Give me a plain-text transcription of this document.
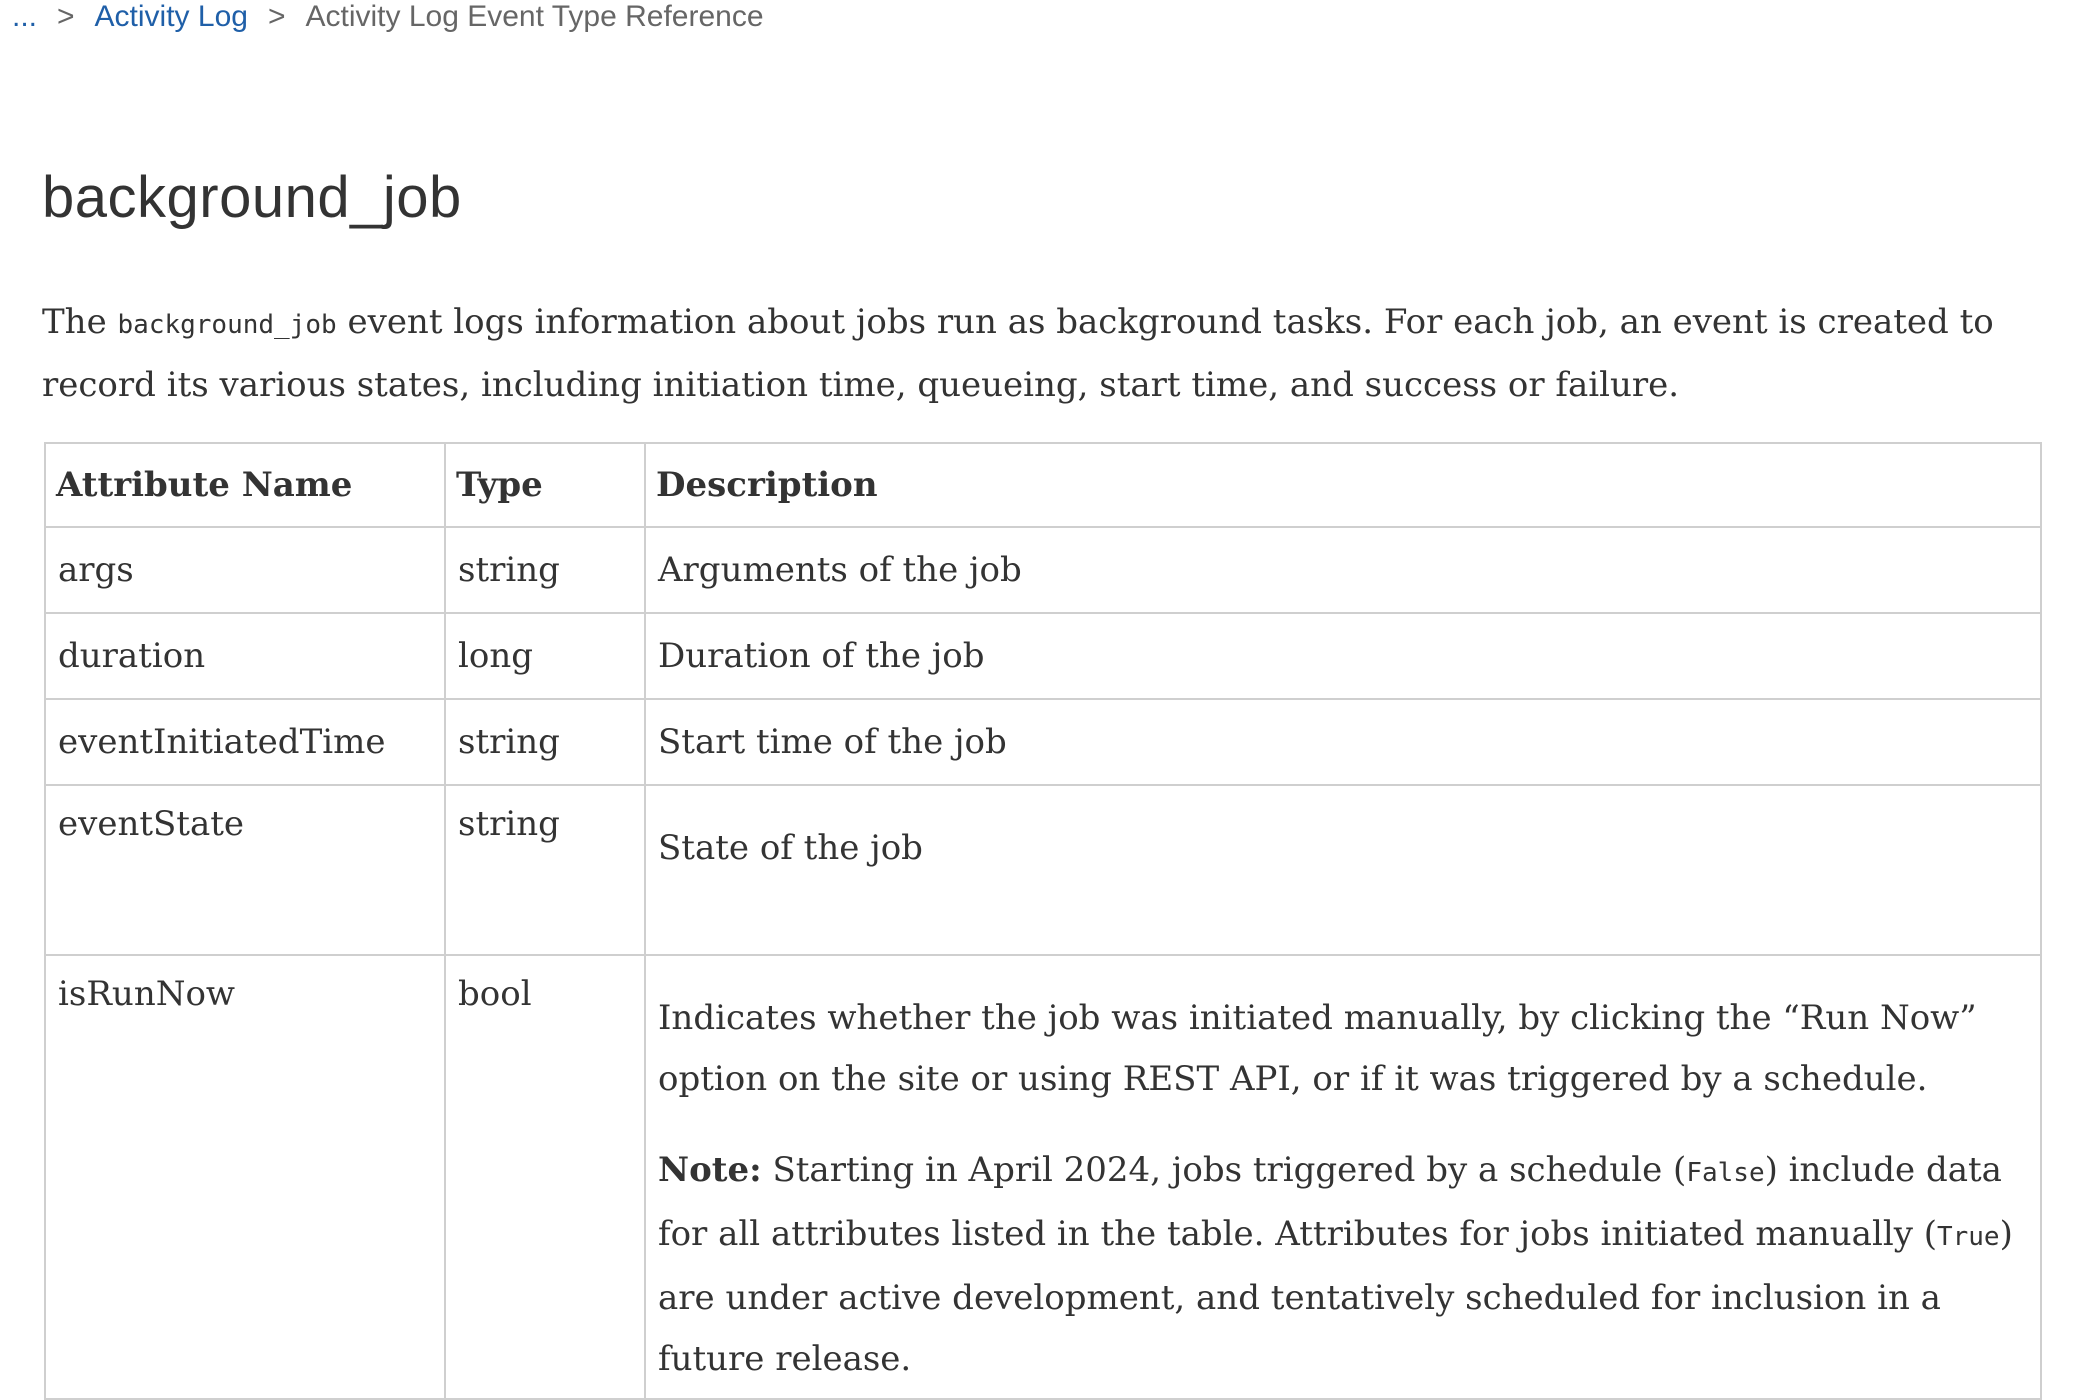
... > Activity Log > Activity Log Event Type Reference
background_job

The background_job event logs information about jobs run as background tasks. For each job, an event is created to record its various states, including initiation time, queueing, start time, and success or failure.

Attribute Name	Type	Description
args	string	Arguments of the job
duration	long	Duration of the job
eventInitiatedTime	string	Start time of the job
eventState	string	State of the job

isRunNow	bool	Indicates whether the job was initiated manually, by clicking the “Run Now” option on the site or using REST API, or if it was triggered by a schedule.

Note: Starting in April 2024, jobs triggered by a schedule (False) include data for all attributes listed in the table. Attributes for jobs initiated manually (True) are under active development, and tentatively scheduled for inclusion in a future release.
